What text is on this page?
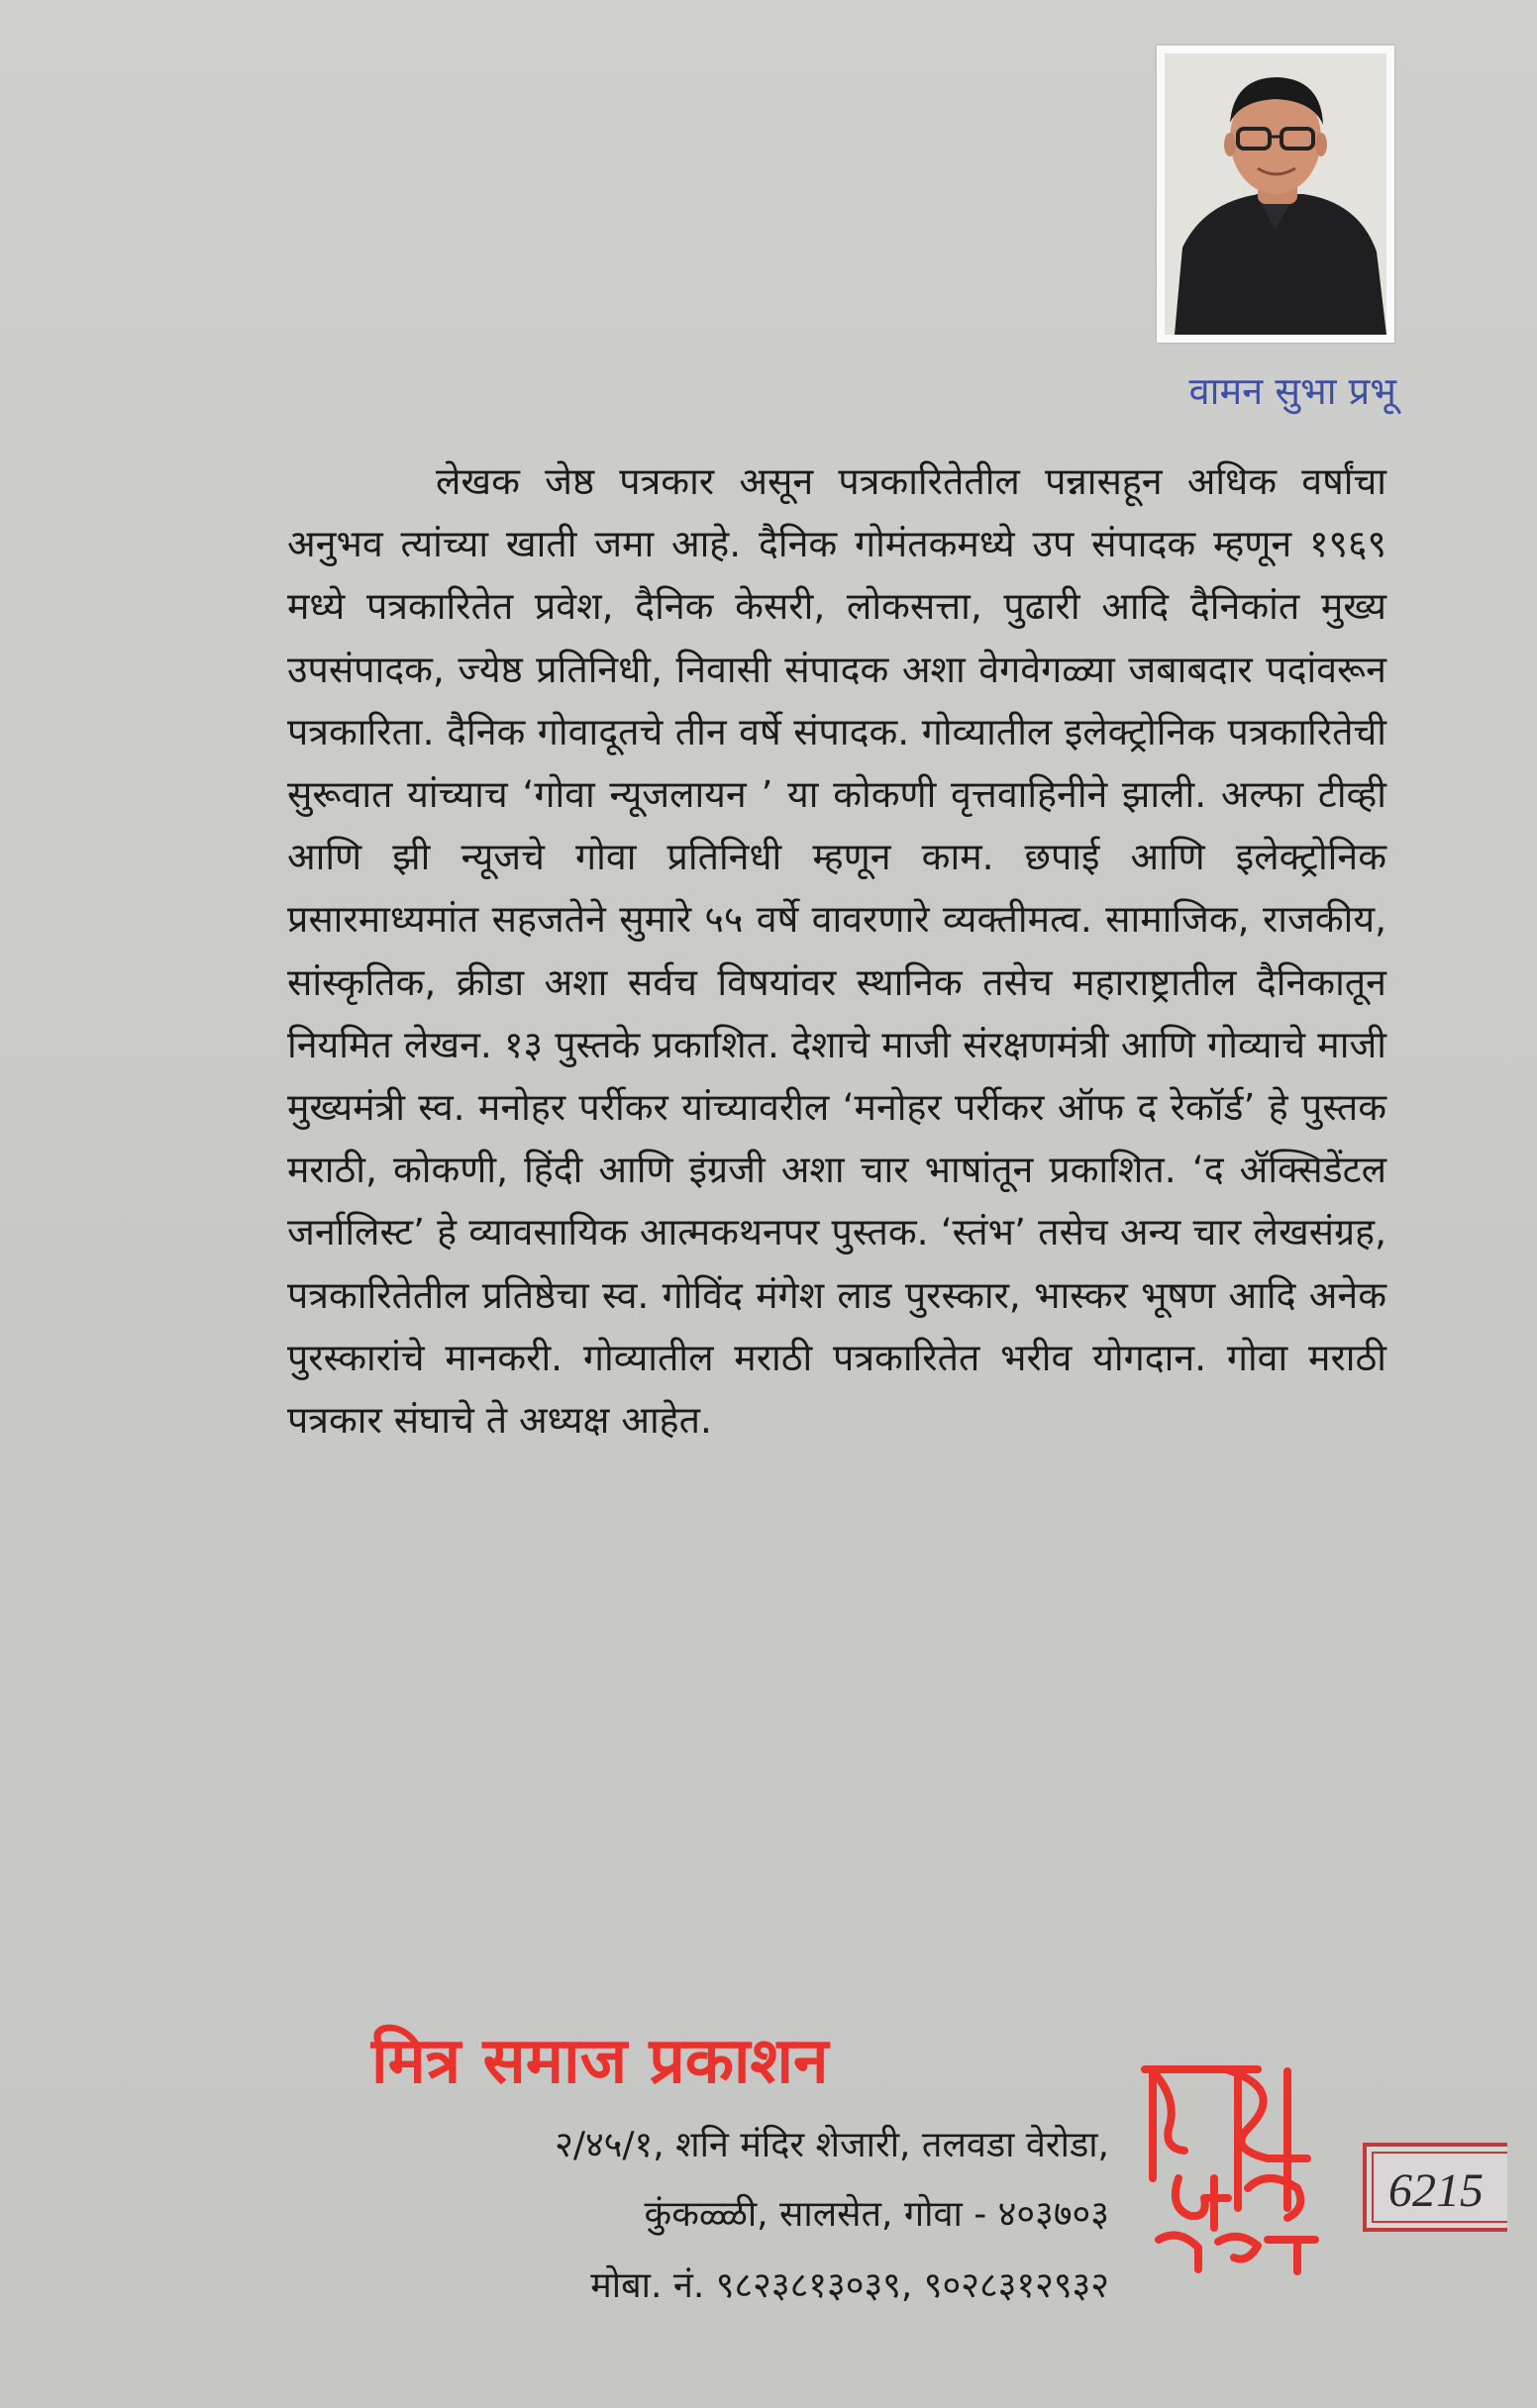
वामन सुभा प्रभू

लेखक जेष्ठ पत्रकार असून पत्रकारितेतील पन्नासहून अधिक वर्षांचा अनुभव त्यांच्या खाती जमा आहे. दैनिक गोमंतकमध्ये उप संपादक म्हणून १९६९ मध्ये पत्रकारितेत प्रवेश, दैनिक केसरी, लोकसत्ता, पुढारी आदि दैनिकांत मुख्य उपसंपादक, ज्येष्ठ प्रतिनिधी, निवासी संपादक अशा वेगवेगळ्या जबाबदार पदांवरून पत्रकारिता. दैनिक गोवादूतचे तीन वर्षे संपादक. गोव्यातील इलेक्ट्रोनिक पत्रकारितेची सुरूवात यांच्याच ‘गोवा न्यूजलायन ’ या कोकणी वृत्तवाहिनीने झाली. अल्फा टीव्ही आणि झी न्यूजचे गोवा प्रतिनिधी म्हणून काम. छपाई आणि इलेक्ट्रोनिक प्रसारमाध्यमांत सहजतेने सुमारे ५५ वर्षे वावरणारे व्यक्तीमत्व. सामाजिक, राजकीय, सांस्कृतिक, क्रीडा अशा सर्वच विषयांवर स्थानिक तसेच महाराष्ट्रातील दैनिकातून नियमित लेखन. १३ पुस्तके प्रकाशित. देशाचे माजी संरक्षणमंत्री आणि गोव्याचे माजी मुख्यमंत्री स्व. मनोहर पर्रीकर यांच्यावरील ‘मनोहर पर्रीकर ऑफ द रेकॉर्ड’ हे पुस्तक मराठी, कोकणी, हिंदी आणि इंग्रजी अशा चार भाषांतून प्रकाशित. ‘द ॲक्सिडेंटल जर्नालिस्ट’ हे व्यावसायिक आत्मकथनपर पुस्तक. ‘स्तंभ’ तसेच अन्य चार लेखसंग्रह, पत्रकारितेतील प्रतिष्ठेचा स्व. गोविंद मंगेश लाड पुरस्कार, भास्कर भूषण आदि अनेक पुरस्कारांचे मानकरी. गोव्यातील मराठी पत्रकारितेत भरीव योगदान. गोवा मराठी पत्रकार संघाचे ते अध्यक्ष आहेत.

मित्र समाज प्रकाशन
२/४५/१, शनि मंदिर शेजारी, तलवडा वेरोडा,
कुंकळ्ळी, सालसेत, गोवा - ४०३७०३
मोबा. नं. ९८२३८१३०३९, ९०२८३१२९३२
6215
